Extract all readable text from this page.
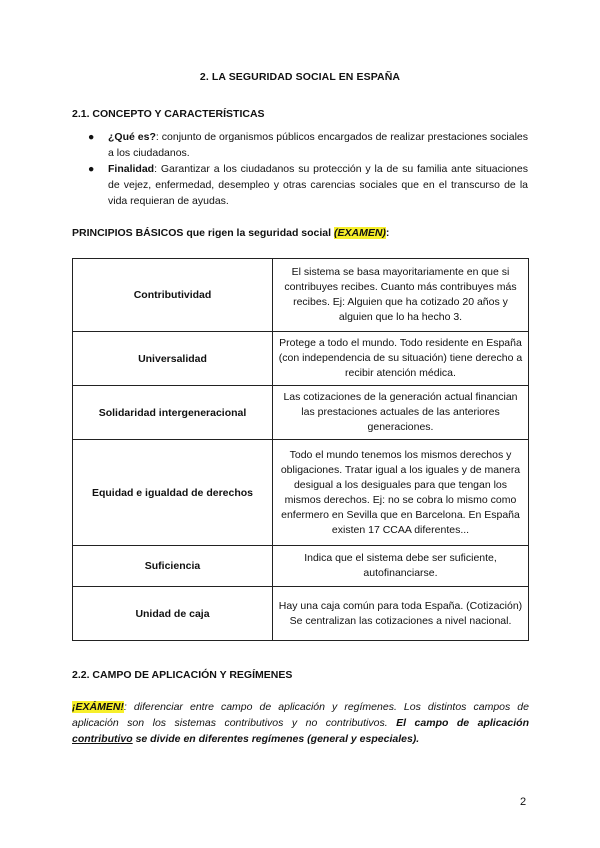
2. LA SEGURIDAD SOCIAL EN ESPAÑA
2.1. CONCEPTO Y CARACTERÍSTICAS
● ¿Qué es?: conjunto de organismos públicos encargados de realizar prestaciones sociales a los ciudadanos.
● Finalidad: Garantizar a los ciudadanos su protección y la de su familia ante situaciones de vejez, enfermedad, desempleo y otras carencias sociales que en el transcurso de la vida requieran de ayudas.
PRINCIPIOS BÁSICOS que rigen la seguridad social (EXAMEN):
Contributividad	El sistema se basa mayoritariamente en que si contribuyes recibes. Cuanto más contribuyes más recibes. Ej: Alguien que ha cotizado 20 años y alguien que lo ha hecho 3.
Universalidad	Protege a todo el mundo. Todo residente en España (con independencia de su situación) tiene derecho a recibir atención médica.
Solidaridad intergeneracional	Las cotizaciones de la generación actual financian las prestaciones actuales de las anteriores generaciones.
Equidad e igualdad de derechos	Todo el mundo tenemos los mismos derechos y obligaciones. Tratar igual a los iguales y de manera desigual a los desiguales para que tengan los mismos derechos. Ej: no se cobra lo mismo como enfermero en Sevilla que en Barcelona. En España existen 17 CCAA diferentes...
Suficiencia	Indica que el sistema debe ser suficiente, autofinanciarse.
Unidad de caja	Hay una caja común para toda España. (Cotización) Se centralizan las cotizaciones a nivel nacional.
2.2. CAMPO DE APLICACIÓN Y REGÍMENES
¡EXÁMEN!: diferenciar entre campo de aplicación y regímenes. Los distintos campos de aplicación son los sistemas contributivos y no contributivos. El campo de aplicación contributivo se divide en diferentes regímenes (general y especiales).
2
